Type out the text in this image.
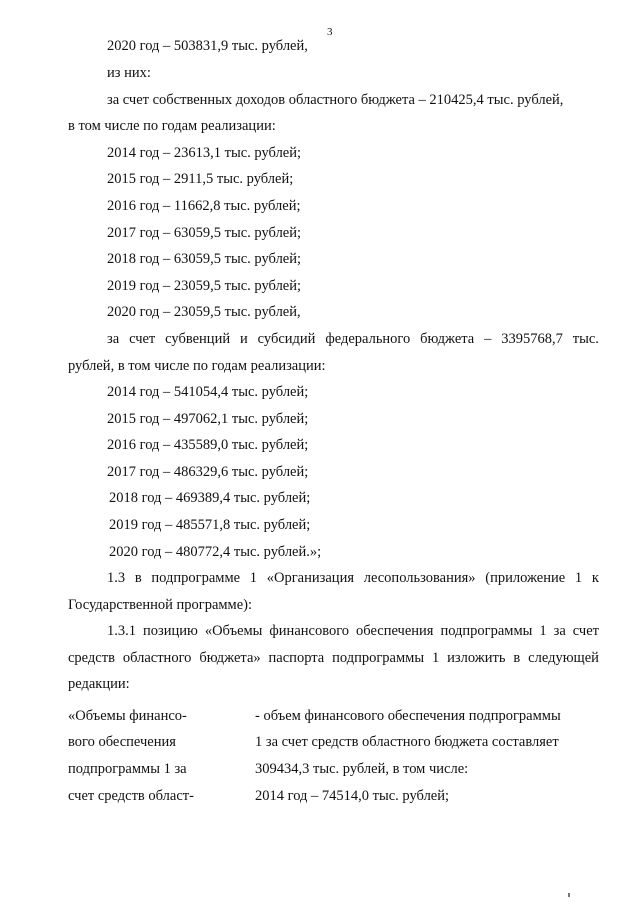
3
2020 год – 503831,9 тыс. рублей,
из них:
за счет собственных доходов областного бюджета – 210425,4 тыс. рублей,
в том числе по годам реализации:
2014 год – 23613,1 тыс. рублей;
2015 год – 2911,5 тыс. рублей;
2016 год – 11662,8 тыс. рублей;
2017 год – 63059,5 тыс. рублей;
2018 год – 63059,5 тыс. рублей;
2019 год – 23059,5 тыс. рублей;
2020 год – 23059,5 тыс. рублей,
за счет субвенций и субсидий федерального бюджета – 3395768,7 тыс.
рублей, в том числе по годам реализации:
2014 год – 541054,4 тыс. рублей;
2015 год – 497062,1 тыс. рублей;
2016 год – 435589,0 тыс. рублей;
2017 год – 486329,6 тыс. рублей;
2018 год – 469389,4 тыс. рублей;
2019 год – 485571,8 тыс. рублей;
2020 год – 480772,4 тыс. рублей.»;
1.3 в подпрограмме 1 «Организация лесопользования» (приложение 1 к
Государственной программе):
1.3.1 позицию «Объемы финансового обеспечения подпрограммы 1 за счет
средств областного бюджета» паспорта подпрограммы 1 изложить в следующей
редакции:
«Объемы финансо-
вого обеспечения
подпрограммы 1 за
счет средств област-
- объем финансового обеспечения подпрограммы
1 за счет средств областного бюджета составляет
309434,3 тыс. рублей, в том числе:
2014 год – 74514,0 тыс. рублей;
